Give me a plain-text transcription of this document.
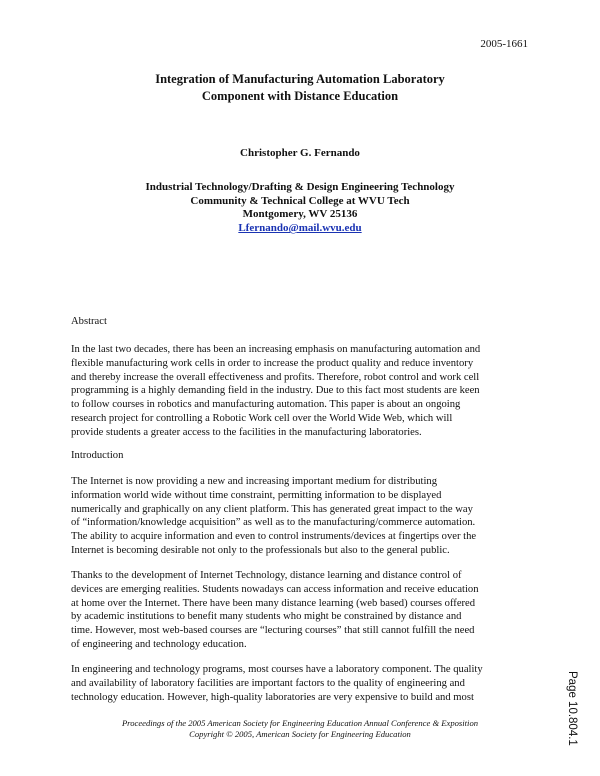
2005-1661
Integration of Manufacturing Automation Laboratory
Component with Distance Education
Christopher G. Fernando
Industrial Technology/Drafting & Design Engineering Technology
Community & Technical College at WVU Tech
Montgomery, WV 25136
Lfernando@mail.wvu.edu
Abstract
In the last two decades, there has been an increasing emphasis on manufacturing automation and
flexible manufacturing work cells in order to increase the product quality and reduce inventory
and thereby increase the overall effectiveness and profits. Therefore, robot control and work cell
programming is a highly demanding field in the industry. Due to this fact most students are keen
to follow courses in robotics and manufacturing automation. This paper is about an ongoing
research project for controlling a Robotic Work cell over the World Wide Web, which will
provide students a greater access to the facilities in the manufacturing laboratories.
Introduction
The Internet is now providing a new and increasing important medium for distributing
information world wide without time constraint, permitting information to be displayed
numerically and graphically on any client platform. This has generated great impact to the way
of “information/knowledge acquisition” as well as to the manufacturing/commerce automation.
The ability to acquire information and even to control instruments/devices at fingertips over the
Internet is becoming desirable not only to the professionals but also to the general public.
Thanks to the development of Internet Technology, distance learning and distance control of
devices are emerging realities. Students nowadays can access information and receive education
at home over the Internet. There have been many distance learning (web based) courses offered
by academic institutions to benefit many students who might be constrained by distance and
time. However, most web-based courses are “lecturing courses” that still cannot fulfill the need
of engineering and technology education.
In engineering and technology programs, most courses have a laboratory component. The quality
and availability of laboratory facilities are important factors to the quality of engineering and
technology education. However, high-quality laboratories are very expensive to build and most
Proceedings of the 2005 American Society for Engineering Education Annual Conference & Exposition
Copyright © 2005, American Society for Engineering Education	Page 10.804.1
